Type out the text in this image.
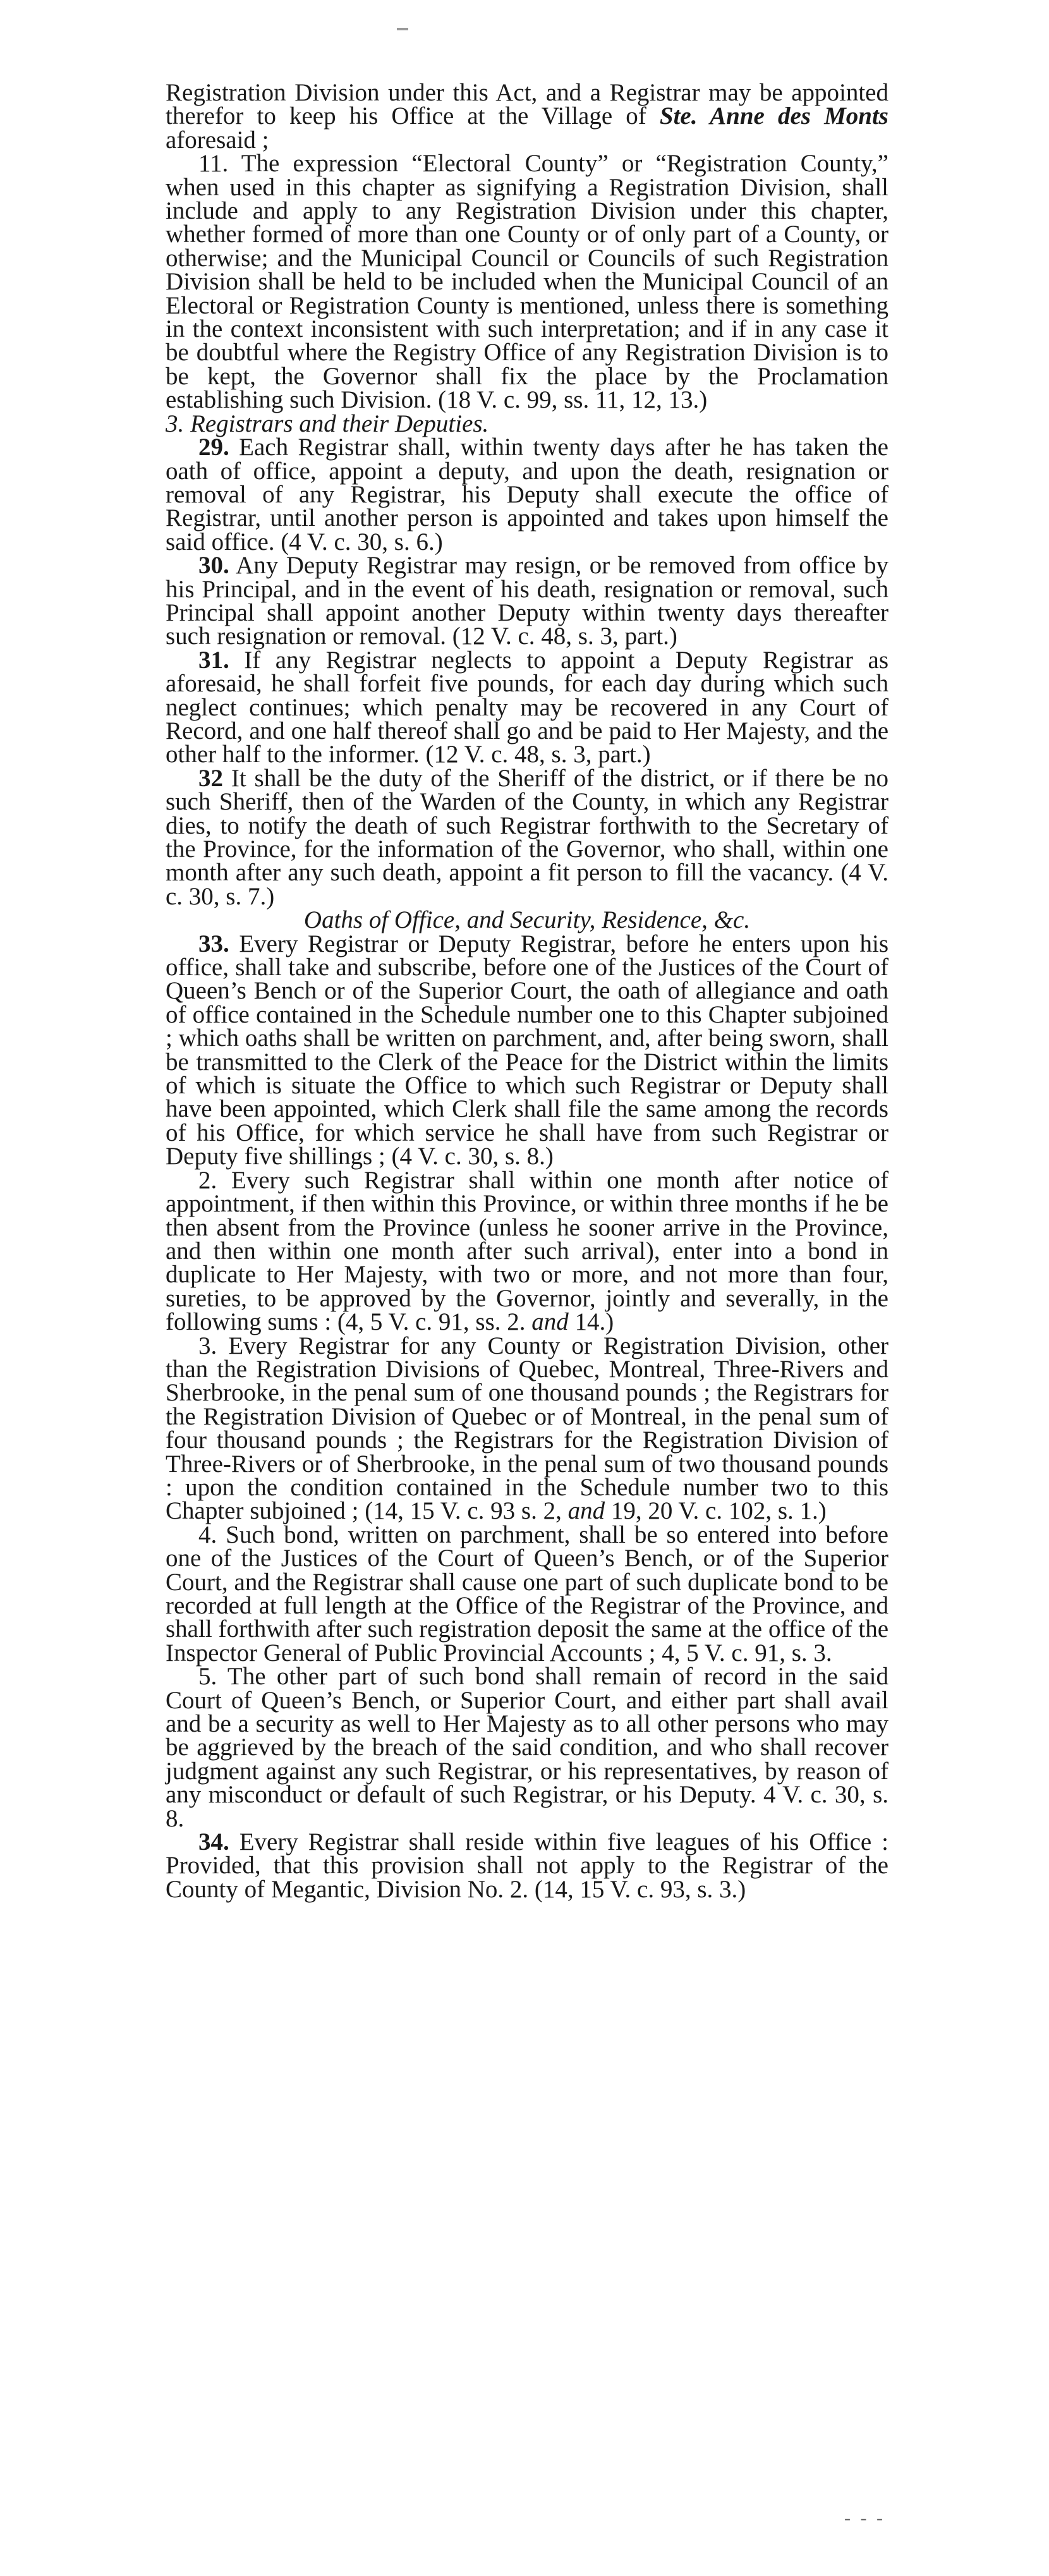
Registration Division under this Act, and a Registrar may be appointed therefor to keep his Office at the Village of Ste. Anne des Monts aforesaid ;

11. The expression “Electoral County” or “Registration County,” when used in this chapter as signifying a Registration Division, shall include and apply to any Registration Division under this chapter, whether formed of more than one County or of only part of a County, or otherwise; and the Municipal Council or Councils of such Registration Division shall be held to be included when the Municipal Council of an Electoral or Registration County is mentioned, unless there is something in the context inconsistent with such interpretation; and if in any case it be doubtful where the Registry Office of any Registration Division is to be kept, the Governor shall fix the place by the Proclamation establishing such Division. (18 V. c. 99, ss. 11, 12, 13.)

3. Registrars and their Deputies.

29. Each Registrar shall, within twenty days after he has taken the oath of office, appoint a deputy, and upon the death, resignation or removal of any Registrar, his Deputy shall execute the office of Registrar, until another person is appointed and takes upon himself the said office. (4 V. c. 30, s. 6.)

30. Any Deputy Registrar may resign, or be removed from office by his Principal, and in the event of his death, resignation or removal, such Principal shall appoint another Deputy within twenty days thereafter such resignation or removal. (12 V. c. 48, s. 3, part.)

31. If any Registrar neglects to appoint a Deputy Registrar as aforesaid, he shall forfeit five pounds, for each day during which such neglect continues; which penalty may be recovered in any Court of Record, and one half thereof shall go and be paid to Her Majesty, and the other half to the informer. (12 V. c. 48, s. 3, part.)

32 It shall be the duty of the Sheriff of the district, or if there be no such Sheriff, then of the Warden of the County, in which any Registrar dies, to notify the death of such Registrar forthwith to the Secretary of the Province, for the information of the Governor, who shall, within one month after any such death, appoint a fit person to fill the vacancy. (4 V. c. 30, s. 7.)

Oaths of Office, and Security, Residence, &c.

33. Every Registrar or Deputy Registrar, before he enters upon his office, shall take and subscribe, before one of the Justices of the Court of Queen’s Bench or of the Superior Court, the oath of allegiance and oath of office contained in the Schedule number one to this Chapter subjoined ; which oaths shall be written on parchment, and, after being sworn, shall be transmitted to the Clerk of the Peace for the District within the limits of which is situate the Office to which such Registrar or Deputy shall have been appointed, which Clerk shall file the same among the records of his Office, for which service he shall have from such Registrar or Deputy five shillings ; (4 V. c. 30, s. 8.)

2. Every such Registrar shall within one month after notice of appointment, if then within this Province, or within three months if he be then absent from the Province (unless he sooner arrive in the Province, and then within one month after such arrival), enter into a bond in duplicate to Her Majesty, with two or more, and not more than four, sureties, to be approved by the Governor, jointly and severally, in the following sums : (4, 5 V. c. 91, ss. 2. and 14.)

3. Every Registrar for any County or Registration Division, other than the Registration Divisions of Quebec, Montreal, Three-Rivers and Sherbrooke, in the penal sum of one thousand pounds ; the Registrars for the Registration Division of Quebec or of Montreal, in the penal sum of four thousand pounds ; the Registrars for the Registration Division of Three-Rivers or of Sherbrooke, in the penal sum of two thousand pounds : upon the condition contained in the Schedule number two to this Chapter subjoined ; (14, 15 V. c. 93 s. 2, and 19, 20 V. c. 102, s. 1.)

4. Such bond, written on parchment, shall be so entered into before one of the Justices of the Court of Queen’s Bench, or of the Superior Court, and the Registrar shall cause one part of such duplicate bond to be recorded at full length at the Office of the Registrar of the Province, and shall forthwith after such registration deposit the same at the office of the Inspector General of Public Provincial Accounts ; 4, 5 V. c. 91, s. 3.

5. The other part of such bond shall remain of record in the said Court of Queen’s Bench, or Superior Court, and either part shall avail and be a security as well to Her Majesty as to all other persons who may be aggrieved by the breach of the said condition, and who shall recover judgment against any such Registrar, or his representatives, by reason of any misconduct or default of such Registrar, or his Deputy. 4 V. c. 30, s. 8.

34. Every Registrar shall reside within five leagues of his Office : Provided, that this provision shall not apply to the Registrar of the County of Megantic, Division No. 2. (14, 15 V. c. 93, s. 3.)

- - -
